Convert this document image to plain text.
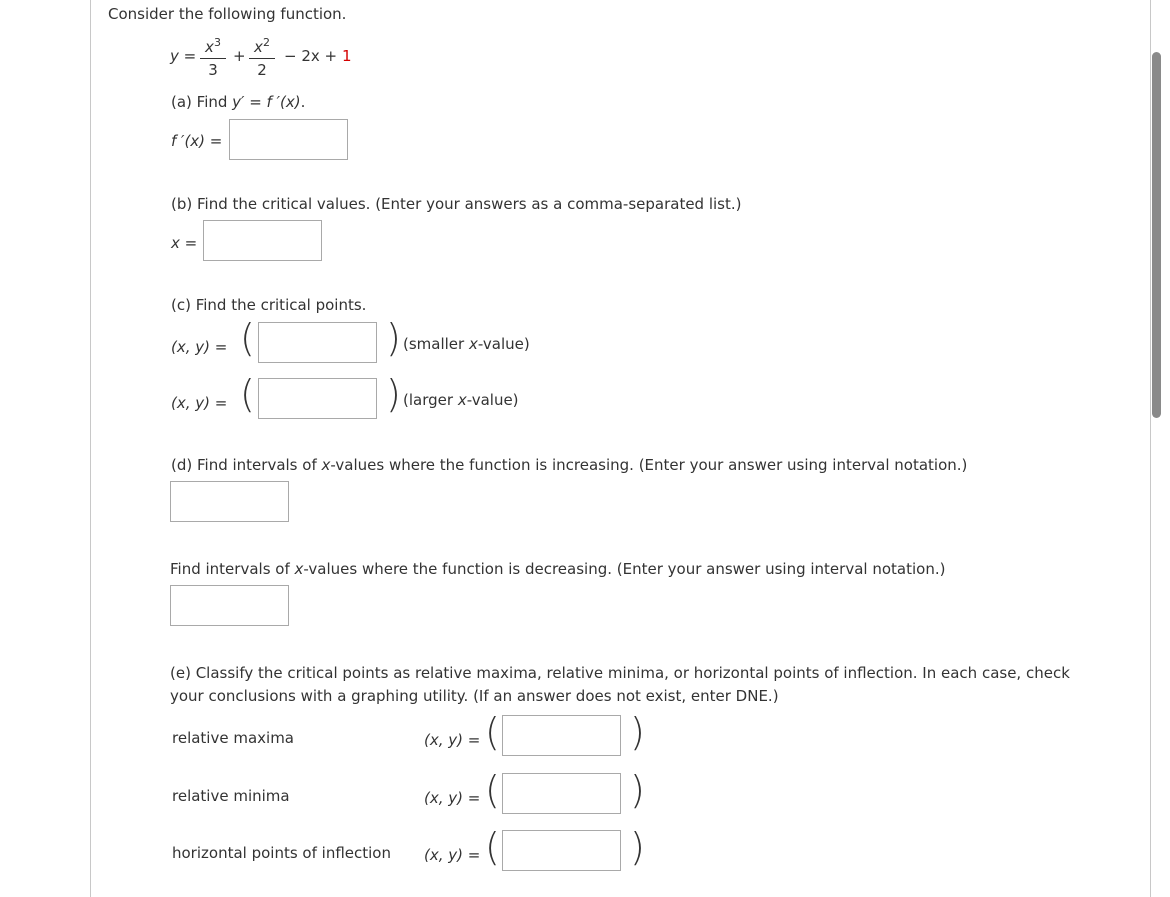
Consider the following function.
$y = x^3$
3
+ $x^2$
2
− 2x + 1
(a) Find y′ = f ′(x).
f ′(x) =
(b) Find the critical values. (Enter your answers as a comma-separated list.)
x =
(c) Find the critical points.
(x, y) = (	) (smaller x-value)
(x, y) = (	) (larger x-value)
(d) Find intervals of x-values where the function is increasing. (Enter your answer using interval notation.)
Find intervals of x-values where the function is decreasing. (Enter your answer using interval notation.)
(e) Classify the critical points as relative maxima, relative minima, or horizontal points of inflection. In each case, check
your conclusions with a graphing utility. (If an answer does not exist, enter DNE.)
relative maxima	(x, y) = (	)
relative minima	(x, y) = (	)
horizontal points of inflection (x, y) = (	)
